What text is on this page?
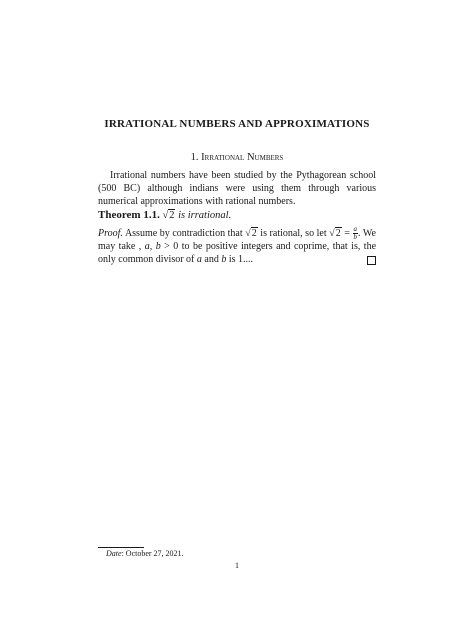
IRRATIONAL NUMBERS AND APPROXIMATIONS
1. Irrational Numbers
Irrational numbers have been studied by the Pythagorean school (500 BC) although indians were using them through various numerical approximations with rational numbers.
Theorem 1.1. √2 is irrational.
Proof. Assume by contradiction that √2 is rational, so let $√2 = \frac{a}{b}$ . We may take , a, b > 0 to be positive integers and coprime, that is, the only common divisor of a and b is 1....
Date: October 27, 2021.
1
